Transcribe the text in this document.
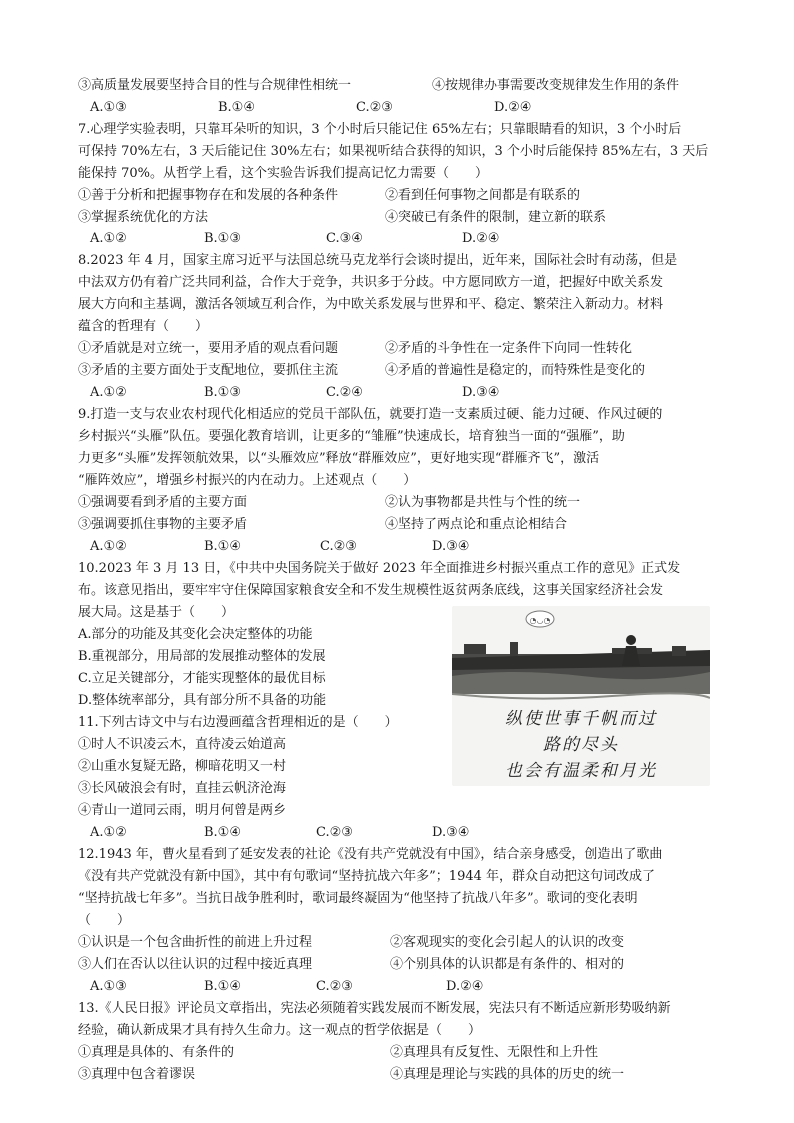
③高质量发展要坚持合目的性与合规律性相统一	④按规律办事需要改变规律发生作用的条件
A.①③	B.①④	C.②③	D.②④
7.心理学实验表明，只靠耳朵听的知识，3 个小时后只能记住 65%左右；只靠眼睛看的知识，3 个小时后
可保持 70%左右，3 天后能记住 30%左右；如果视听结合获得的知识，3 个小时后能保持 85%左右，3 天后
能保持 70%。从哲学上看，这个实验告诉我们提高记忆力需要（　　）
①善于分析和把握事物存在和发展的各种条件	②看到任何事物之间都是有联系的
③掌握系统优化的方法	④突破已有条件的限制，建立新的联系
A.①②	B.①③	C.③④	D.②④
8.2023 年 4 月，国家主席习近平与法国总统马克龙举行会谈时提出，近年来，国际社会时有动荡，但是
中法双方仍有着广泛共同利益，合作大于竞争，共识多于分歧。中方愿同欧方一道，把握好中欧关系发
展大方向和主基调，激活各领域互利合作，为中欧关系发展与世界和平、稳定、繁荣注入新动力。材料
蕴含的哲理有（　　）
①矛盾就是对立统一，要用矛盾的观点看问题	②矛盾的斗争性在一定条件下向同一性转化
③矛盾的主要方面处于支配地位，要抓住主流	④矛盾的普遍性是稳定的，而特殊性是变化的
A.①②	B.①③	C.②④	D.③④
9.打造一支与农业农村现代化相适应的党员干部队伍，就要打造一支素质过硬、能力过硬、作风过硬的
乡村振兴“头雁”队伍。要强化教育培训，让更多的“雏雁”快速成长，培育独当一面的“强雁”，助
力更多“头雁”发挥领航效果，以“头雁效应”释放“群雁效应”，更好地实现“群雁齐飞”，激活
“雁阵效应”，增强乡村振兴的内在动力。上述观点（　　）
①强调要看到矛盾的主要方面	②认为事物都是共性与个性的统一
③强调要抓住事物的主要矛盾	④坚持了两点论和重点论相结合
A.①②	B.①④	C.②③	D.③④
10.2023 年 3 月 13 日，《中共中央国务院关于做好 2023 年全面推进乡村振兴重点工作的意见》正式发
布。该意见指出，要牢牢守住保障国家粮食安全和不发生规模性返贫两条底线，这事关国家经济社会发
展大局。这是基于（　　）
A.部分的功能及其变化会决定整体的功能
B.重视部分，用局部的发展推动整体的发展
C.立足关键部分，才能实现整体的最优目标
D.整体统率部分，具有部分所不具备的功能
11.下列古诗文中与右边漫画蕴含哲理相近的是（　　）
①时人不识凌云木，直待凌云始道高
②山重水复疑无路，柳暗花明又一村
③长风破浪会有时，直挂云帆济沧海
④青山一道同云雨，明月何曾是两乡
A.①②	B.①④	C.②③	D.③④
◔◡◔
纵使世事千帆而过
路的尽头
也会有温柔和月光
12.1943 年，曹火星看到了延安发表的社论《没有共产党就没有中国》，结合亲身感受，创造出了歌曲
《没有共产党就没有新中国》，其中有句歌词“坚持抗战六年多”；1944 年，群众自动把这句词改成了
“坚持抗战七年多”。当抗日战争胜利时，歌词最终凝固为“他坚持了抗战八年多”。歌词的变化表明
（　　）
①认识是一个包含曲折性的前进上升过程	②客观现实的变化会引起人的认识的改变
③人们在否认以往认识的过程中接近真理	④个别具体的认识都是有条件的、相对的
A.①③	B.①④	C.②③	D.②④
13.《人民日报》评论员文章指出，宪法必须随着实践发展而不断发展，宪法只有不断适应新形势吸纳新
经验，确认新成果才具有持久生命力。这一观点的哲学依据是（　　）
①真理是具体的、有条件的	②真理具有反复性、无限性和上升性
③真理中包含着谬误	④真理是理论与实践的具体的历史的统一
